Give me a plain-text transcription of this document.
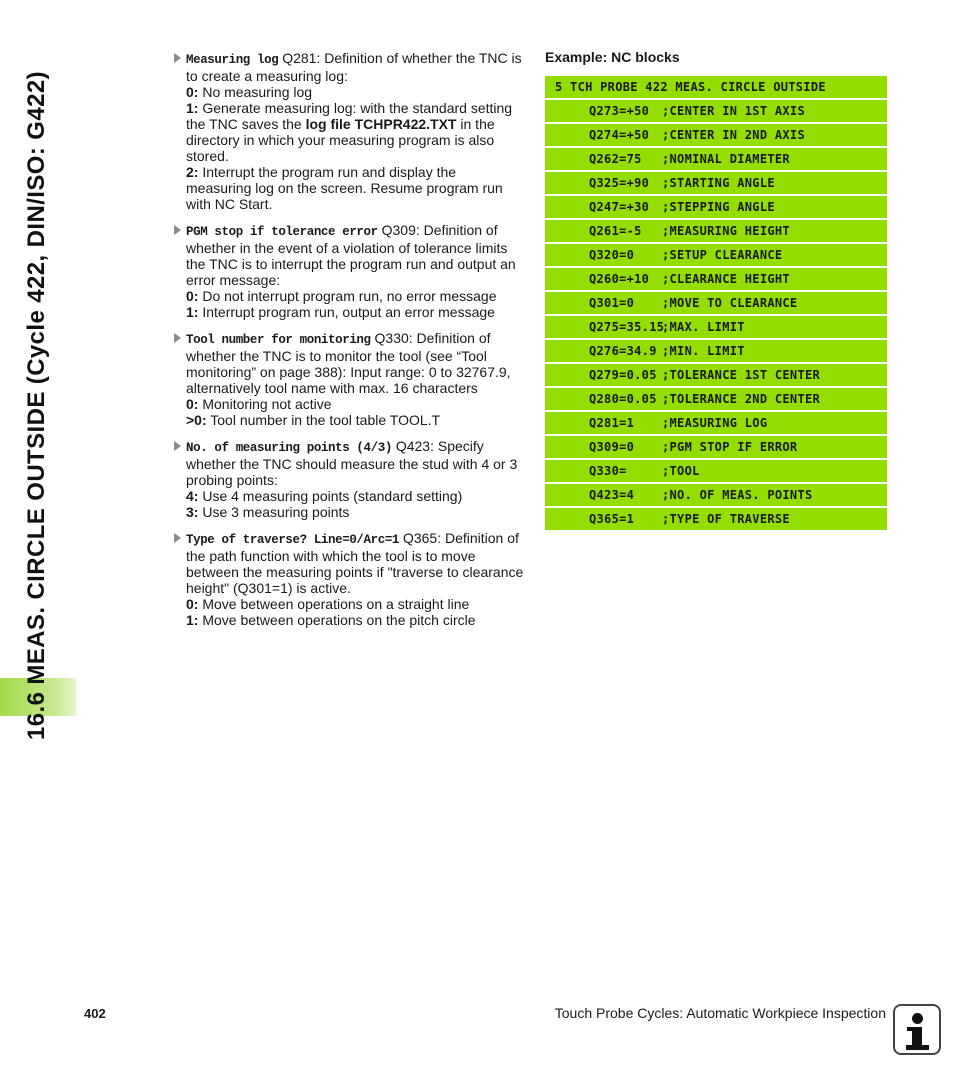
16.6 MEAS. CIRCLE OUTSIDE (Cycle 422, DIN/ISO: G422)
Measuring log Q281: Definition of whether the TNC is to create a measuring log:
0: No measuring log
1: Generate measuring log: with the standard setting the TNC saves the log file TCHPR422.TXT in the directory in which your measuring program is also stored.
2: Interrupt the program run and display the measuring log on the screen. Resume program run with NC Start.
PGM stop if tolerance error Q309: Definition of whether in the event of a violation of tolerance limits the TNC is to interrupt the program run and output an error message:
0: Do not interrupt program run, no error message
1: Interrupt program run, output an error message
Tool number for monitoring Q330: Definition of whether the TNC is to monitor the tool (see “Tool monitoring” on page 388): Input range: 0 to 32767.9, alternatively tool name with max. 16 characters
0: Monitoring not active
>0: Tool number in the tool table TOOL.T
No. of measuring points (4/3) Q423: Specify whether the TNC should measure the stud with 4 or 3 probing points:
4: Use 4 measuring points (standard setting)
3: Use 3 measuring points
Type of traverse? Line=0/Arc=1 Q365: Definition of the path function with which the tool is to move between the measuring points if "traverse to clearance height" (Q301=1) is active.
0: Move between operations on a straight line
1: Move between operations on the pitch circle
Example: NC blocks
5 TCH PROBE 422 MEAS. CIRCLE OUTSIDE
Q273=+50 ;CENTER IN 1ST AXIS
Q274=+50 ;CENTER IN 2ND AXIS
Q262=75 ;NOMINAL DIAMETER
Q325=+90 ;STARTING ANGLE
Q247=+30 ;STEPPING ANGLE
Q261=-5 ;MEASURING HEIGHT
Q320=0 ;SETUP CLEARANCE
Q260=+10 ;CLEARANCE HEIGHT
Q301=0 ;MOVE TO CLEARANCE
Q275=35.15;MAX. LIMIT
Q276=34.9 ;MIN. LIMIT
Q279=0.05 ;TOLERANCE 1ST CENTER
Q280=0.05 ;TOLERANCE 2ND CENTER
Q281=1 ;MEASURING LOG
Q309=0 ;PGM STOP IF ERROR
Q330=	;TOOL
Q423=4 ;NO. OF MEAS. POINTS
Q365=1 ;TYPE OF TRAVERSE
402	Touch Probe Cycles: Automatic Workpiece Inspection
